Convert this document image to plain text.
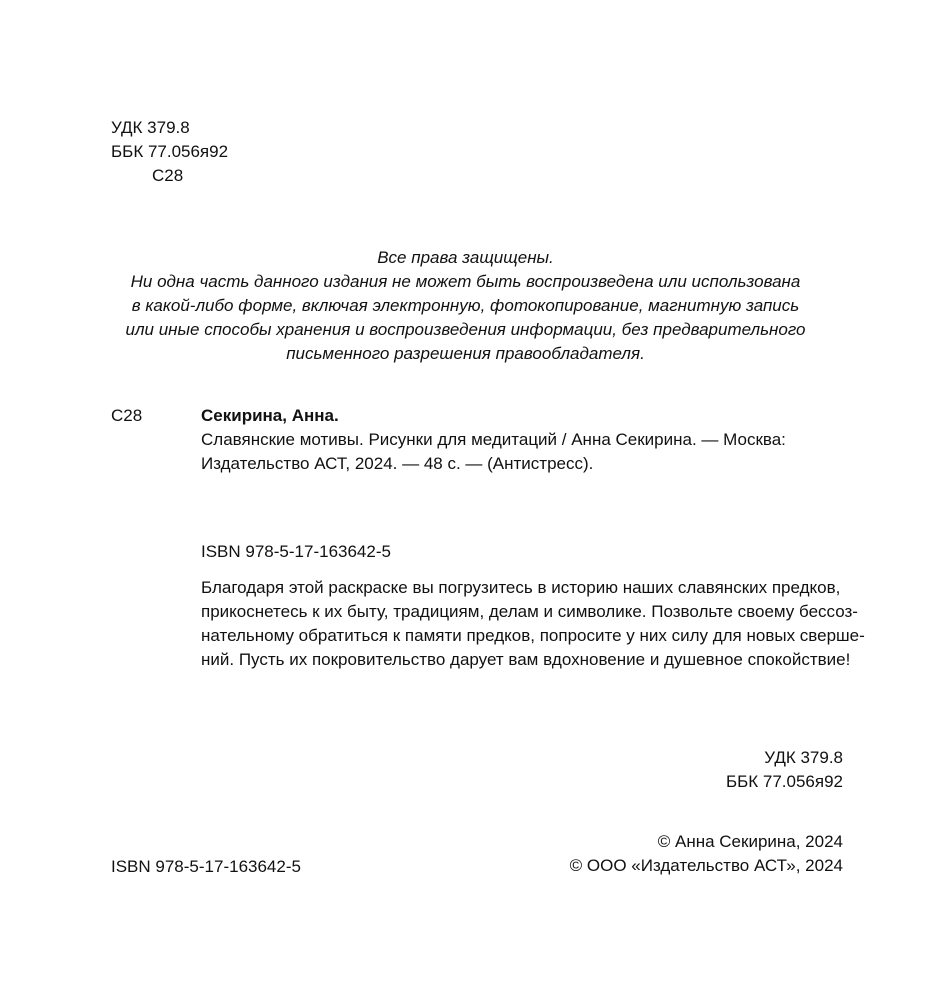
УДК 379.8
ББК 77.056я92
С28
Все права защищены.
Ни одна часть данного издания не может быть воспроизведена или использована
в какой-либо форме, включая электронную, фотокопирование, магнитную запись
или иные способы хранения и воспроизведения информации, без предварительного
письменного разрешения правообладателя.
С28	Секирина, Анна.
Славянские мотивы. Рисунки для медитаций / Анна Секирина. — Москва:
Издательство АСТ, 2024. — 48 с. — (Антистресс).
ISBN 978-5-17-163642-5
Благодаря этой раскраске вы погрузитесь в историю наших славянских предков,
прикоснетесь к их быту, традициям, делам и символике. Позвольте своему бессоз-
нательному обратиться к памяти предков, попросите у них силу для новых сверше-
ний. Пусть их покровительство дарует вам вдохновение и душевное спокойствие!
УДК 379.8
ББК 77.056я92
© Анна Секирина, 2024
© ООО «Издательство АСТ», 2024
ISBN 978-5-17-163642-5
